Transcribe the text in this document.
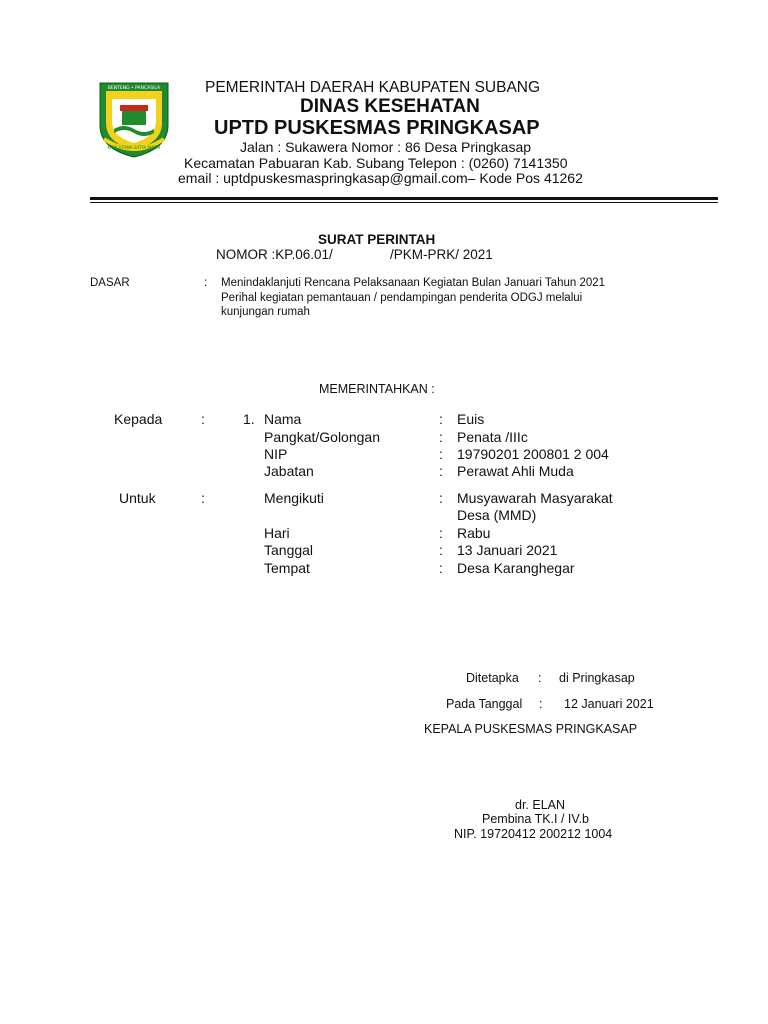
BENTENG • PANCASILA
KAYA UTAMA SATYA MASIH
PEMERINTAH DAERAH KABUPATEN SUBANG
DINAS KESEHATAN
UPTD PUSKESMAS PRINGKASAP
Jalan : Sukawera Nomor : 86 Desa Pringkasap
Kecamatan Pabuaran Kab. Subang Telepon : (0260) 7141350
email : uptdpuskesmaspringkasap@gmail.com– Kode Pos 41262
SURAT PERINTAH
NOMOR :KP.06.01/	/PKM-PRK/ 2021
DASAR	: Menindaklanjuti Rencana Pelaksanaan Kegiatan Bulan Januari Tahun 2021
Perihal kegiatan pemantauan / pendampingan penderita ODGJ melalui
kunjungan rumah
MEMERINTAHKAN :
Kepada	:	1. Nama	: Euis
Pangkat/Golongan	: Penata /IIIc
NIP	: 19790201 200801 2 004
Jabatan	: Perawat Ahli Muda
Untuk	:	Mengikuti	: Musyawarah Masyarakat
Desa (MMD)
Hari	: Rabu
Tanggal	: 13 Januari 2021
Tempat	: Desa Karanghegar
Ditetapka : di Pringkasap
Pada Tanggal : 12 Januari 2021
KEPALA PUSKESMAS PRINGKASAP
dr. ELAN
Pembina TK.I / IV.b
NIP. 19720412 200212 1004
